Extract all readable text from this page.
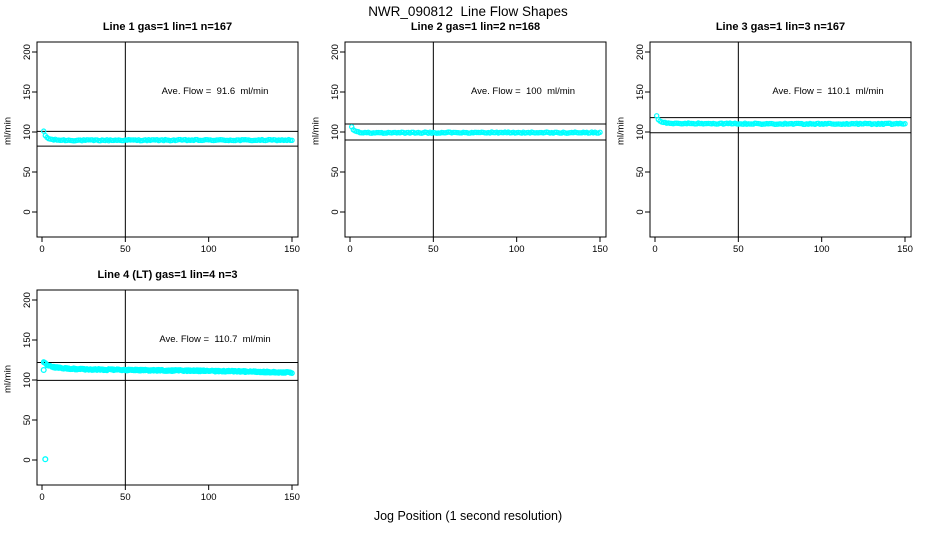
NWR_090812  Line Flow Shapes
0	50	100	150
0
50
100
150
200
Line 1 gas=1 lin=1 n=167
Ave. Flow =  91.6  ml/min
ml/min
0	50	100	150
0
50
100
150
200
Line 2 gas=1 lin=2 n=168
Ave. Flow =  100  ml/min
ml/min
0	50	100	150
0
50
100
150
200
Line 3 gas=1 lin=3 n=167
Ave. Flow =  110.1  ml/min
ml/min
0	50	100	150
0
50
100
150
200
Line 4 (LT) gas=1 lin=4 n=3
Ave. Flow =  110.7  ml/min
ml/min
Jog Position (1 second resolution)
